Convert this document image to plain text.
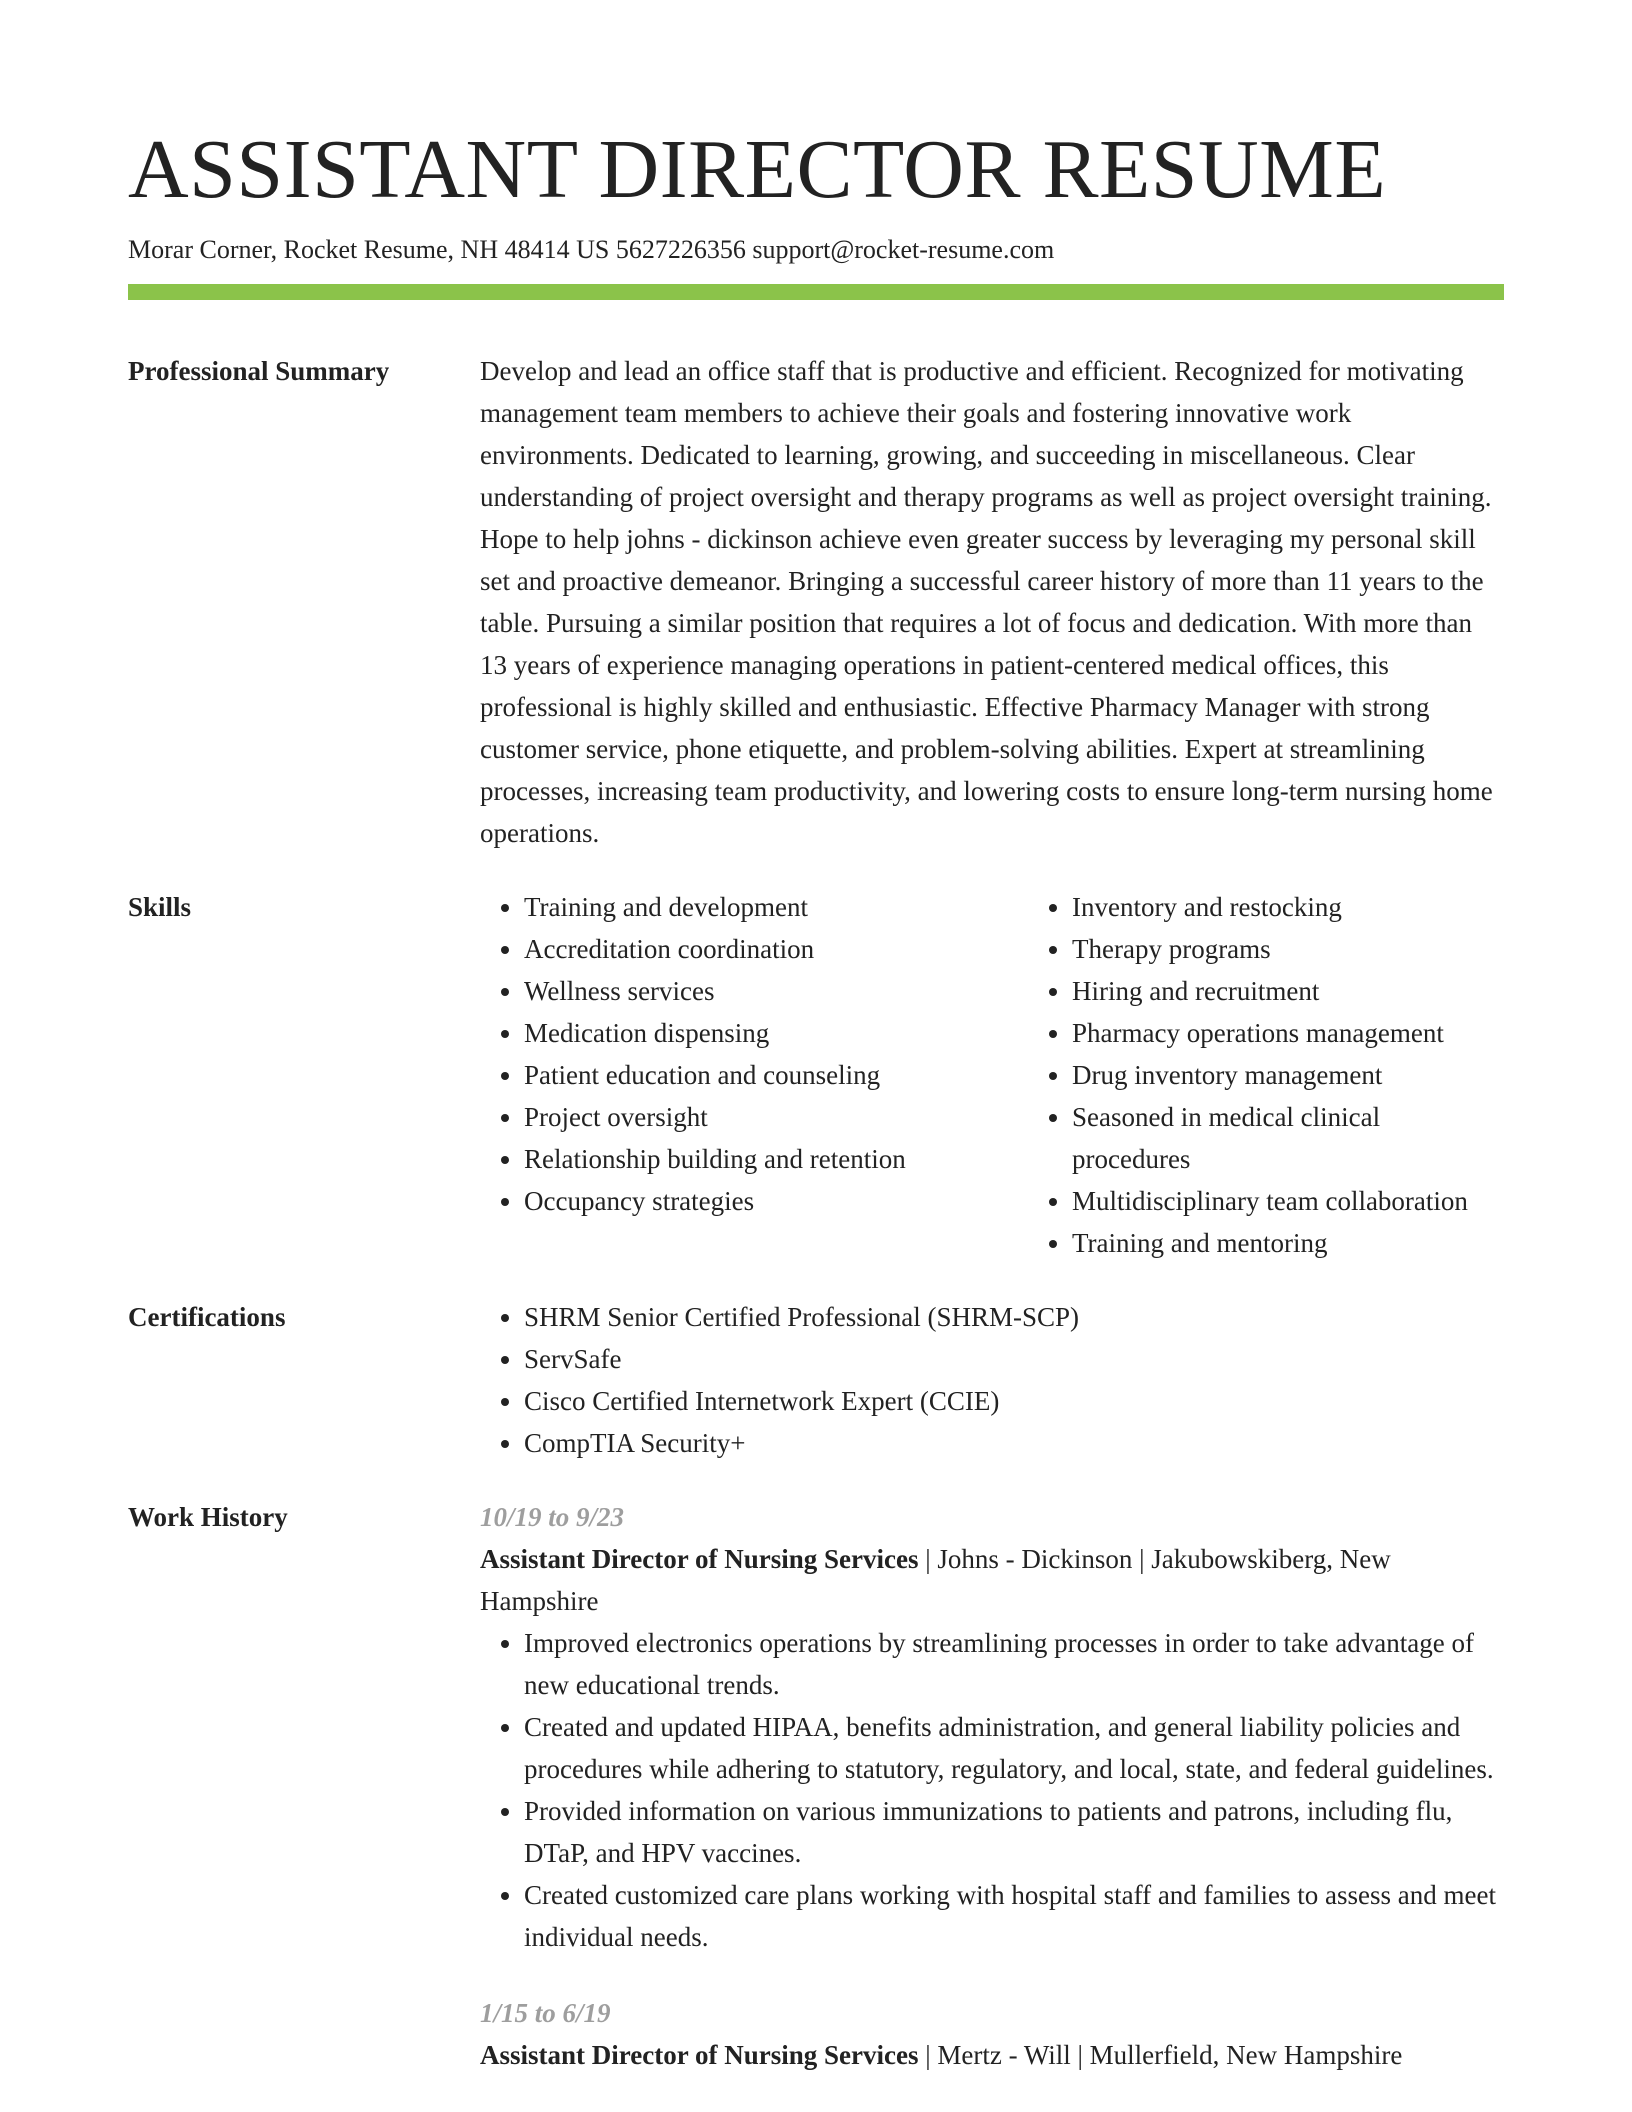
ASSISTANT DIRECTOR RESUME
Morar Corner, Rocket Resume, NH 48414 US 5627226356 support@rocket-resume.com
Professional Summary	Develop and lead an office staff that is productive and efficient. Recognized for motivating management team members to achieve their goals and fostering innovative work environments. Dedicated to learning, growing, and succeeding in miscellaneous. Clear understanding of project oversight and therapy programs as well as project oversight training. Hope to help johns - dickinson achieve even greater success by leveraging my personal skill set and proactive demeanor. Bringing a successful career history of more than 11 years to the table. Pursuing a similar position that requires a lot of focus and dedication. With more than 13 years of experience managing operations in patient-centered medical offices, this professional is highly skilled and enthusiastic. Effective Pharmacy Manager with strong customer service, phone etiquette, and problem-solving abilities. Expert at streamlining processes, increasing team productivity, and lowering costs to ensure long-term nursing home operations.
Skills	• Training and development
• Accreditation coordination
• Wellness services
• Medication dispensing
• Patient education and counseling
• Project oversight
• Relationship building and retention
• Occupancy strategies
• Inventory and restocking
• Therapy programs
• Hiring and recruitment
• Pharmacy operations management
• Drug inventory management
• Seasoned in medical clinical procedures
• Multidisciplinary team collaboration
• Training and mentoring
Certifications	• SHRM Senior Certified Professional (SHRM-SCP)
• ServSafe
• Cisco Certified Internetwork Expert (CCIE)
• CompTIA Security+
Work History	10/19 to 9/23
Assistant Director of Nursing Services | Johns - Dickinson | Jakubowskiberg, New Hampshire
• Improved electronics operations by streamlining processes in order to take advantage of new educational trends.
• Created and updated HIPAA, benefits administration, and general liability policies and procedures while adhering to statutory, regulatory, and local, state, and federal guidelines.
• Provided information on various immunizations to patients and patrons, including flu, DTaP, and HPV vaccines.
• Created customized care plans working with hospital staff and families to assess and meet individual needs.
1/15 to 6/19
Assistant Director of Nursing Services | Mertz - Will | Mullerfield, New Hampshire
